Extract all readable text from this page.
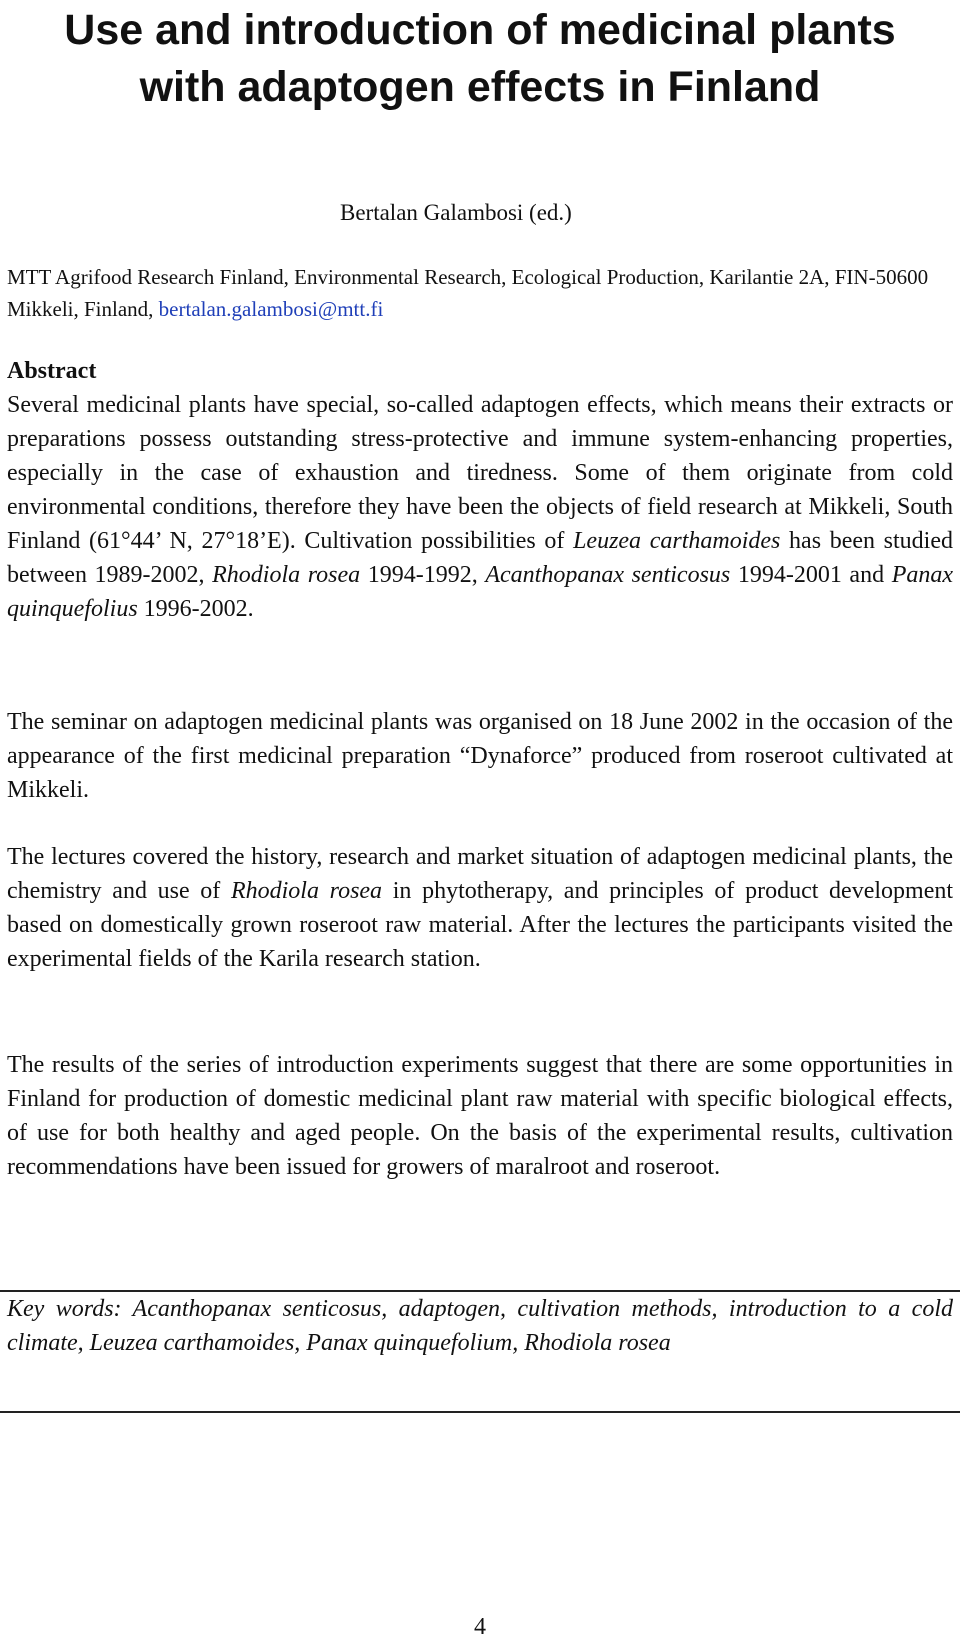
Use and introduction of medicinal plants with adaptogen effects in Finland
Bertalan Galambosi (ed.)
MTT Agrifood Research Finland, Environmental Research, Ecological Production, Karilantie 2A, FIN-50600 Mikkeli, Finland, bertalan.galambosi@mtt.fi
Abstract

Several medicinal plants have special, so-called adaptogen effects, which means their extracts or preparations possess outstanding stress-protective and immune system-enhancing properties, especially in the case of exhaustion and tiredness. Some of them originate from cold environmental conditions, therefore they have been the objects of field research at Mikkeli, South Finland (61°44’ N, 27°18’E). Cultivation possibilities of Leuzea carthamoides has been studied between 1989-2002, Rhodiola rosea 1994-1992, Acanthopanax senticosus 1994-2001 and Panax quinquefolius 1996-2002.

The seminar on adaptogen medicinal plants was organised on 18 June 2002 in the occasion of the appearance of the first medicinal preparation “Dynaforce” produced from roseroot cultivated at Mikkeli.

The lectures covered the history, research and market situation of adaptogen medicinal plants, the chemistry and use of Rhodiola rosea in phytotherapy, and principles of product development based on domestically grown roseroot raw material. After the lectures the participants visited the experimental fields of the Karila research station.

The results of the series of introduction experiments suggest that there are some opportunities in Finland for production of domestic medicinal plant raw material with specific biological effects, of use for both healthy and aged people. On the basis of the experimental results, cultivation recommendations have been issued for growers of maralroot and roseroot.

Key words: Acanthopanax senticosus, adaptogen, cultivation methods, introduction to a cold climate, Leuzea carthamoides, Panax quinquefolium, Rhodiola rosea

4
